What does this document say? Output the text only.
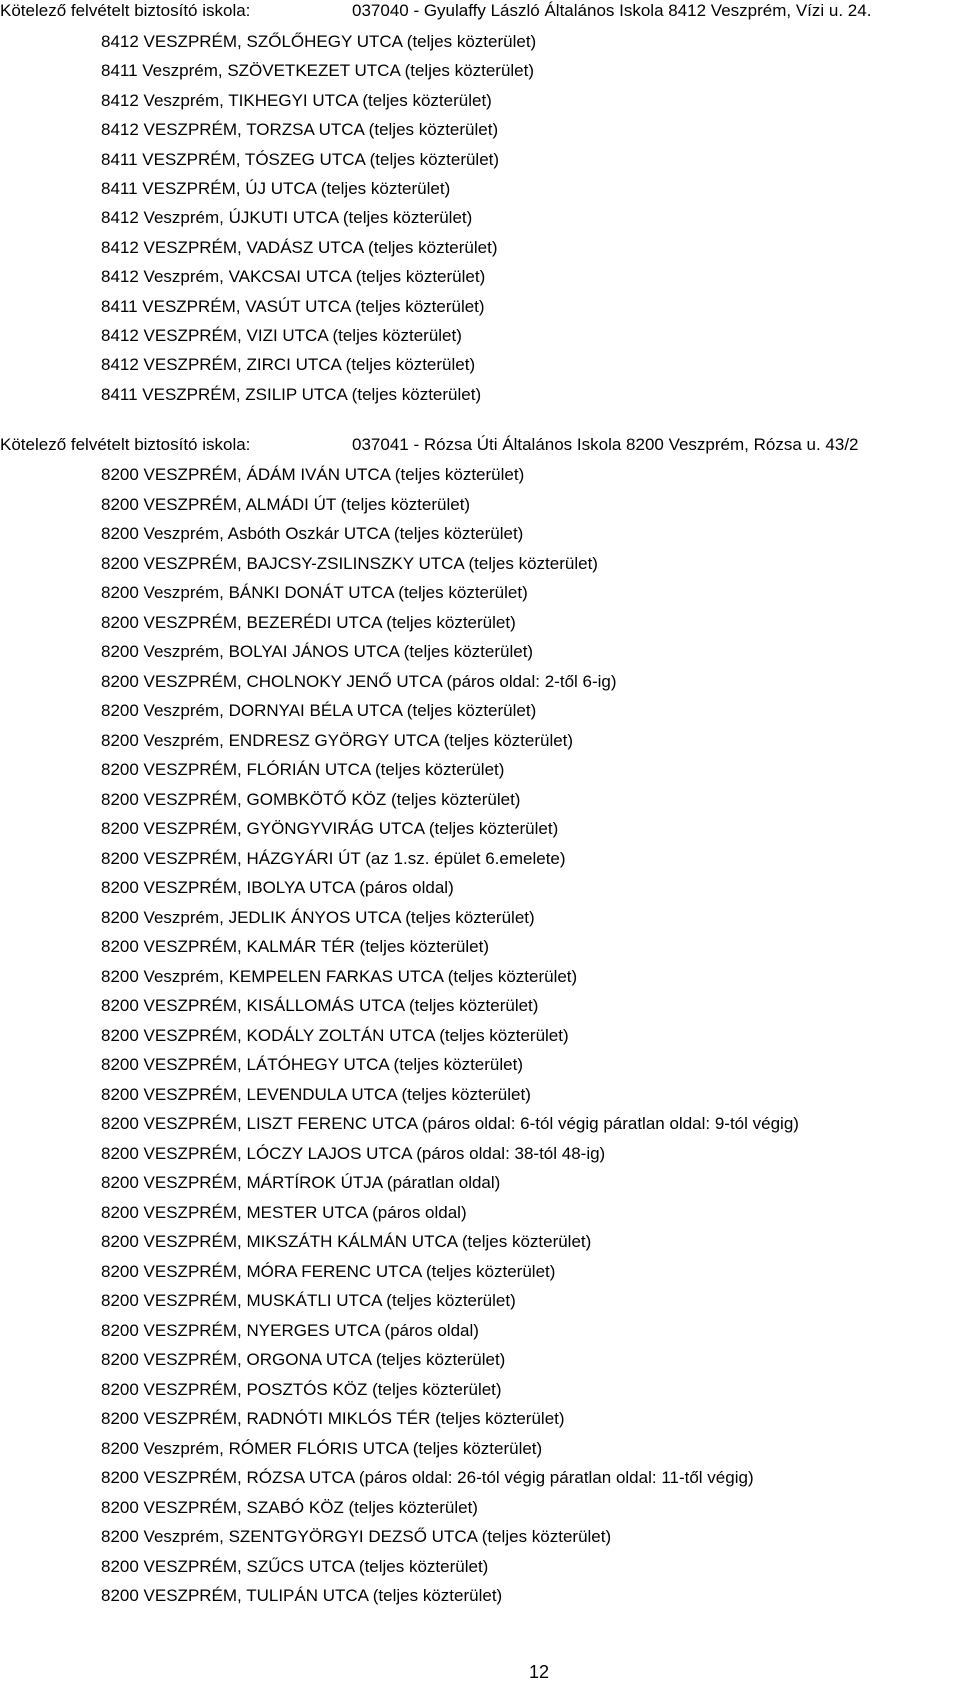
Kötelező felvételt biztosító iskola:	037040 - Gyulaffy László Általános Iskola 8412 Veszprém, Vízi u. 24.
8412 VESZPRÉM, SZŐLŐHEGY UTCA (teljes közterület)
8411 Veszprém, SZÖVETKEZET UTCA (teljes közterület)
8412 Veszprém, TIKHEGYI UTCA (teljes közterület)
8412 VESZPRÉM, TORZSA UTCA (teljes közterület)
8411 VESZPRÉM, TÓSZEG UTCA (teljes közterület)
8411 VESZPRÉM, ÚJ UTCA (teljes közterület)
8412 Veszprém, ÚJKUTI UTCA (teljes közterület)
8412 VESZPRÉM, VADÁSZ UTCA (teljes közterület)
8412 Veszprém, VAKCSAI UTCA (teljes közterület)
8411 VESZPRÉM, VASÚT UTCA (teljes közterület)
8412 VESZPRÉM, VIZI UTCA (teljes közterület)
8412 VESZPRÉM, ZIRCI UTCA (teljes közterület)
8411 VESZPRÉM, ZSILIP UTCA (teljes közterület)
Kötelező felvételt biztosító iskola:	037041 - Rózsa Úti Általános Iskola 8200 Veszprém, Rózsa u. 43/2
8200 VESZPRÉM, ÁDÁM IVÁN UTCA (teljes közterület)
8200 VESZPRÉM, ALMÁDI ÚT (teljes közterület)
8200 Veszprém, Asbóth Oszkár UTCA (teljes közterület)
8200 VESZPRÉM, BAJCSY-ZSILINSZKY UTCA (teljes közterület)
8200 Veszprém, BÁNKI DONÁT UTCA (teljes közterület)
8200 VESZPRÉM, BEZERÉDI UTCA (teljes közterület)
8200 Veszprém, BOLYAI JÁNOS UTCA (teljes közterület)
8200 VESZPRÉM, CHOLNOKY JENŐ UTCA (páros oldal: 2-től 6-ig)
8200 Veszprém, DORNYAI BÉLA UTCA (teljes közterület)
8200 Veszprém, ENDRESZ GYÖRGY UTCA (teljes közterület)
8200 VESZPRÉM, FLÓRIÁN UTCA (teljes közterület)
8200 VESZPRÉM, GOMBKÖTŐ KÖZ (teljes közterület)
8200 VESZPRÉM, GYÖNGYVIRÁG UTCA (teljes közterület)
8200 VESZPRÉM, HÁZGYÁRI ÚT (az 1.sz. épület 6.emelete)
8200 VESZPRÉM, IBOLYA UTCA (páros oldal)
8200 Veszprém, JEDLIK ÁNYOS UTCA (teljes közterület)
8200 VESZPRÉM, KALMÁR TÉR (teljes közterület)
8200 Veszprém, KEMPELEN FARKAS UTCA (teljes közterület)
8200 VESZPRÉM, KISÁLLOMÁS UTCA (teljes közterület)
8200 VESZPRÉM, KODÁLY ZOLTÁN UTCA (teljes közterület)
8200 VESZPRÉM, LÁTÓHEGY UTCA (teljes közterület)
8200 VESZPRÉM, LEVENDULA UTCA (teljes közterület)
8200 VESZPRÉM, LISZT FERENC UTCA (páros oldal: 6-tól végig páratlan oldal: 9-tól végig)
8200 VESZPRÉM, LÓCZY LAJOS UTCA (páros oldal: 38-tól 48-ig)
8200 VESZPRÉM, MÁRTÍROK ÚTJA (páratlan oldal)
8200 VESZPRÉM, MESTER UTCA (páros oldal)
8200 VESZPRÉM, MIKSZÁTH KÁLMÁN UTCA (teljes közterület)
8200 VESZPRÉM, MÓRA FERENC UTCA (teljes közterület)
8200 VESZPRÉM, MUSKÁTLI UTCA (teljes közterület)
8200 VESZPRÉM, NYERGES UTCA (páros oldal)
8200 VESZPRÉM, ORGONA UTCA (teljes közterület)
8200 VESZPRÉM, POSZTÓS KÖZ (teljes közterület)
8200 VESZPRÉM, RADNÓTI MIKLÓS TÉR (teljes közterület)
8200 Veszprém, RÓMER FLÓRIS UTCA (teljes közterület)
8200 VESZPRÉM, RÓZSA UTCA (páros oldal: 26-tól végig páratlan oldal: 11-től végig)
8200 VESZPRÉM, SZABÓ KÖZ (teljes közterület)
8200 Veszprém, SZENTGYÖRGYI DEZSŐ UTCA (teljes közterület)
8200 VESZPRÉM, SZŰCS UTCA (teljes közterület)
8200 VESZPRÉM, TULIPÁN UTCA (teljes közterület)
12
